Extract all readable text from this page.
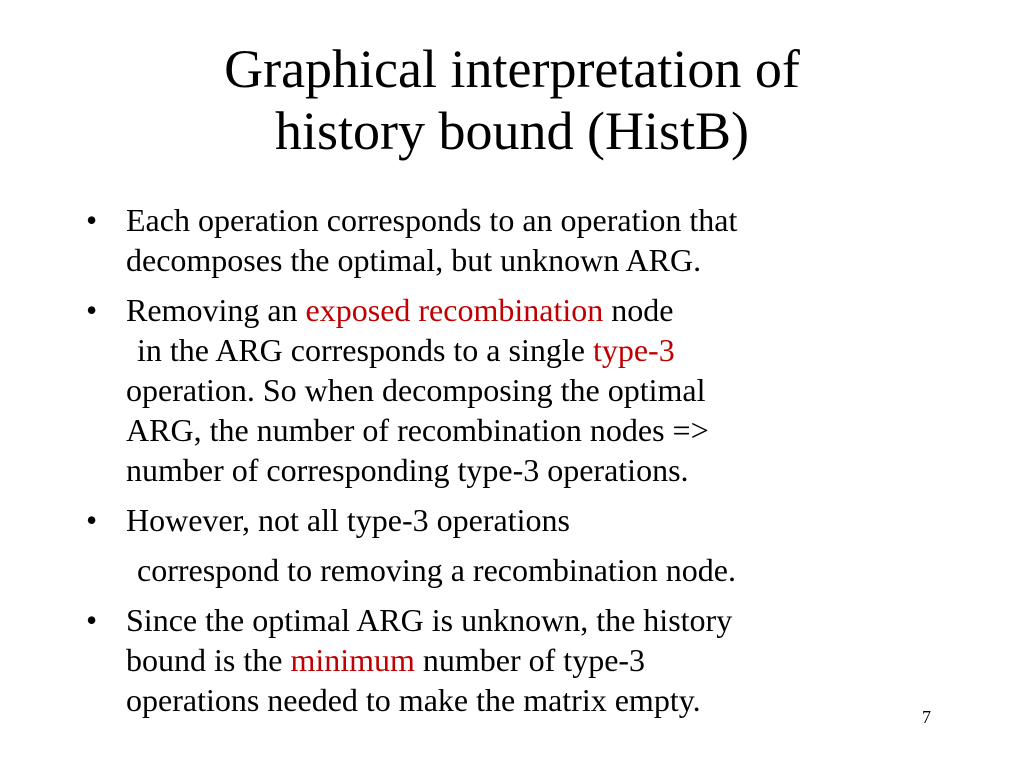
Graphical interpretation of
history bound (HistB)
• Each operation corresponds to an operation that
decomposes the optimal, but unknown ARG.
• Removing an exposed recombination node
in the ARG corresponds to a single type-3
operation. So when decomposing the optimal
ARG, the number of recombination nodes =>
number of corresponding type-3 operations.
• However, not all type-3 operations
correspond to removing a recombination node.
• Since the optimal ARG is unknown, the history
bound is the minimum number of type-3
operations needed to make the matrix empty.	7
